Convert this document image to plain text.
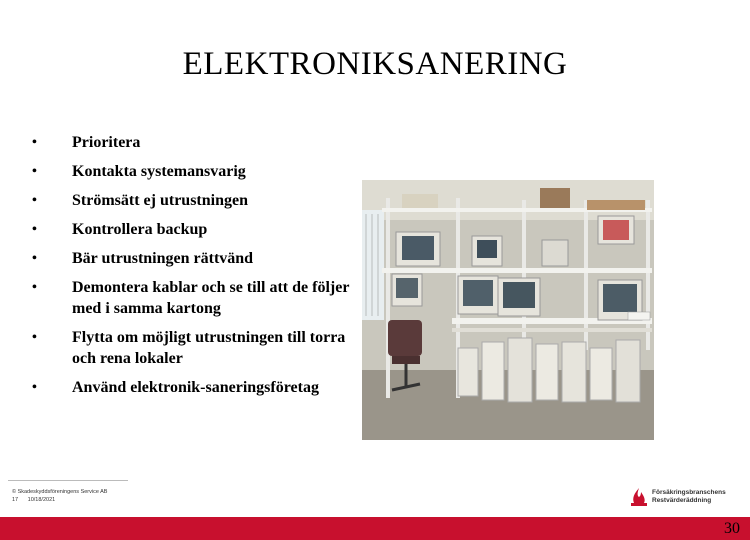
ELEKTRONIKSANERING
• Prioritera
• Kontakta systemansvarig
• Strömsätt ej utrustningen
• Kontrollera backup
• Bär utrustningen rättvänd
• Demontera kablar och se till att de följer med i samma kartong
• Flytta om möjligt utrustningen till torra och rena lokaler
• Använd elektronik-saneringsföretag
© Skadeskyddsföreningens Service AB
17 10/18/2021
Försäkringsbranschens
Restvärderäddning
30
